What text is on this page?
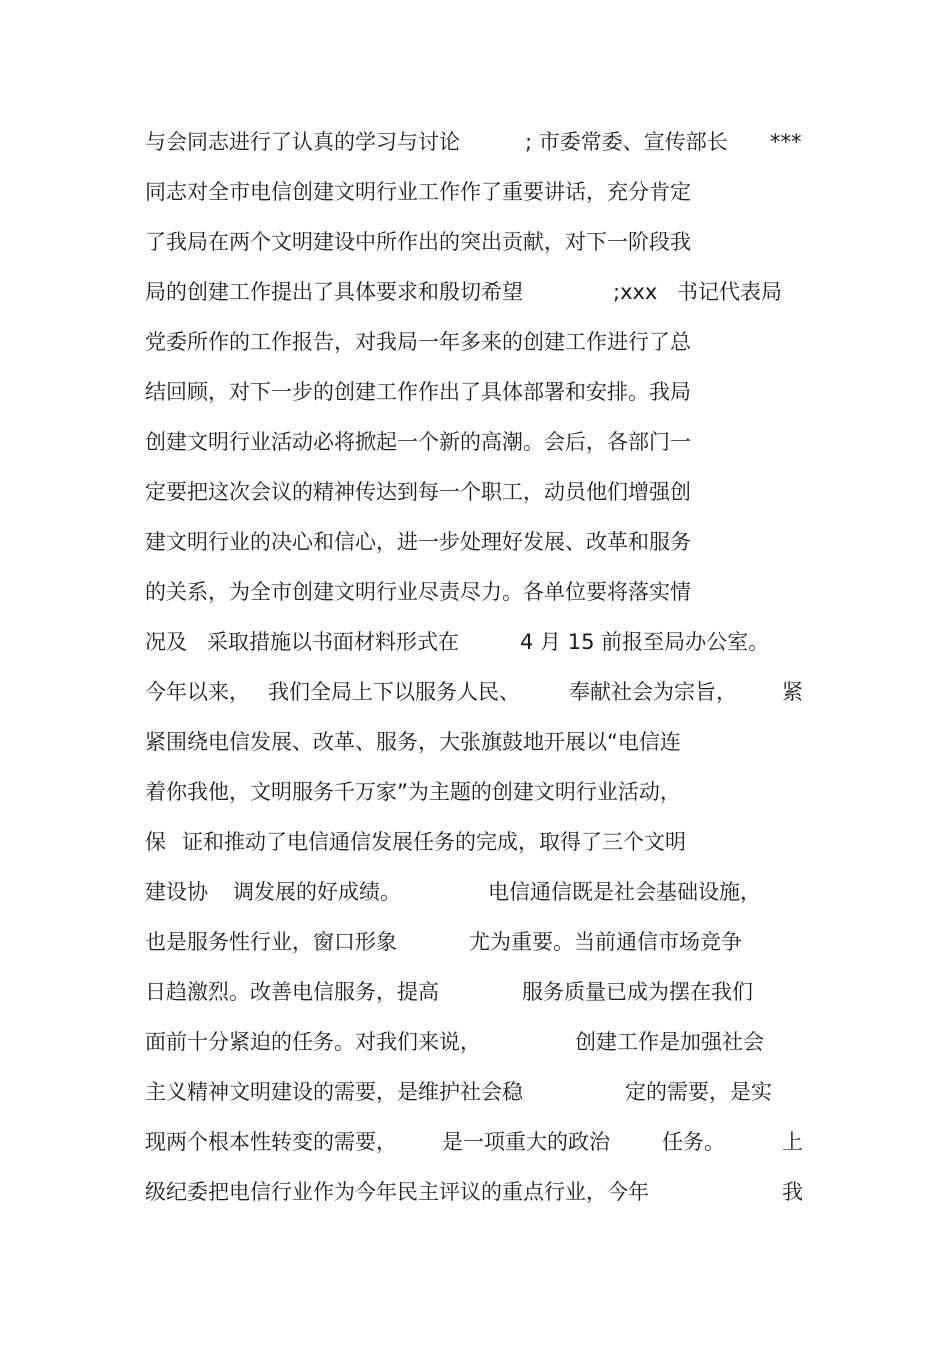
与会同志进行了认真的学习与讨论	; 市委常委、宣传部长 ***
同志对全市电信创建文明行业工作作了重要讲话，充分肯定
了我局在两个文明建设中所作出的突出贡献，对下一阶段我
局的创建工作提出了具体要求和殷切希望	;xxx 书记代表局
党委所作的工作报告，对我局一年多来的创建工作进行了总
结回顾，对下一步的创建工作作出了具体部署和安排。我局
创建文明行业活动必将掀起一个新的高潮。会后，各部门一
定要把这次会议的精神传达到每一个职工，动员他们增强创
建文明行业的决心和信心，进一步处理好发展、改革和服务
的关系，为全市创建文明行业尽责尽力。各单位要将落实情
况及 采取措施以书面材料形式在	4 月 15 前报至局办公室。
今年以来， 我们全局上下以服务人民、 奉献社会为宗旨， 紧
紧围绕电信发展、改革、服务，大张旗鼓地开展以“电信连
着你我他，文明服务千万家”为主题的创建文明行业活动，
保 证和推动了电信通信发展任务的完成，取得了三个文明
建设协 调发展的好成绩。	电信通信既是社会基础设施，
也是服务性行业，窗口形象	尤为重要。当前通信市场竞争
日趋激烈。改善电信服务，提高	服务质量已成为摆在我们
面前十分紧迫的任务。对我们来说，	创建工作是加强社会
主义精神文明建设的需要，是维护社会稳	定的需要，是实
现两个根本性转变的需要， 是一项重大的政治 任务。	上
级纪委把电信行业作为今年民主评议的重点行业，今年	我
